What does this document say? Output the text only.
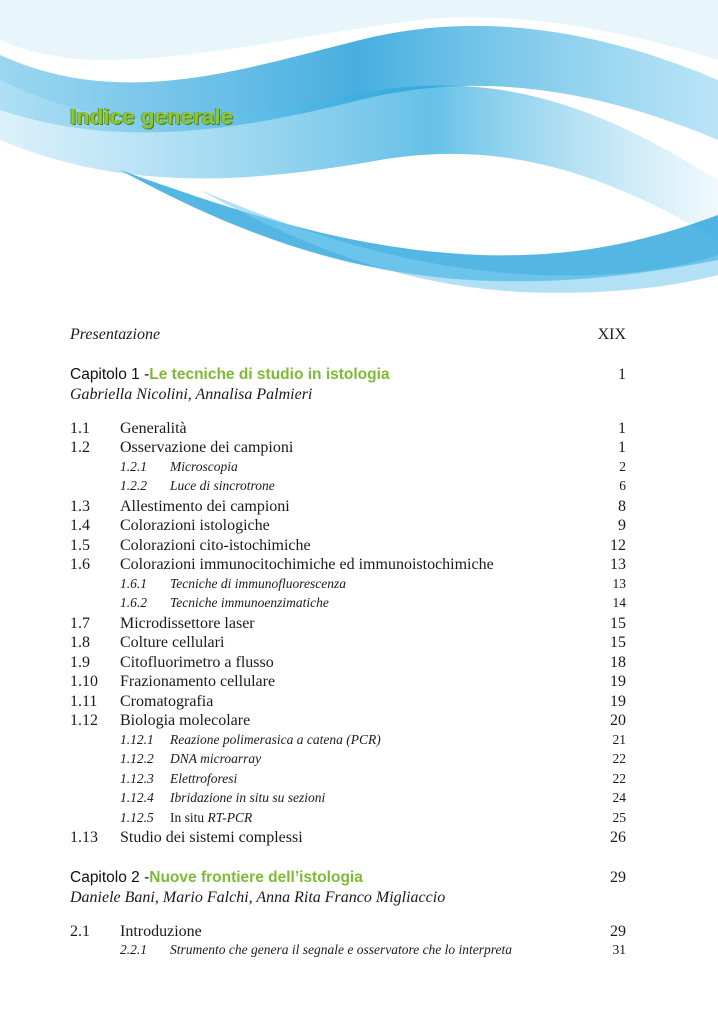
Indice generale
Presentazione	XIX
Capitolo 1 - Le tecniche di studio in istologia	1
Gabriella Nicolini, Annalisa Palmieri
1.1	Generalità	1
1.2	Osservazione dei campioni	1
1.2.1	Microscopia	2
1.2.2	Luce di sincrotrone	6
1.3	Allestimento dei campioni	8
1.4	Colorazioni istologiche	9
1.5	Colorazioni cito-istochimiche	12
1.6	Colorazioni immunocitochimiche ed immunoistochimiche	13
1.6.1	Tecniche di immunofluorescenza	13
1.6.2	Tecniche immunoenzimatiche	14
1.7	Microdissettore laser	15
1.8	Colture cellulari	15
1.9	Citofluorimetro a flusso	18
1.10	Frazionamento cellulare	19
1.11	Cromatografia	19
1.12	Biologia molecolare	20
1.12.1	Reazione polimerasica a catena (PCR)	21
1.12.2	DNA microarray	22
1.12.3	Elettroforesi	22
1.12.4	Ibridazione in situ su sezioni	24
1.12.5	In situ RT-PCR	25
1.13	Studio dei sistemi complessi	26
Capitolo 2 - Nuove frontiere dell’istologia	29
Daniele Bani, Mario Falchi, Anna Rita Franco Migliaccio
2.1	Introduzione	29
2.2.1	Strumento che genera il segnale e osservatore che lo interpreta	31
